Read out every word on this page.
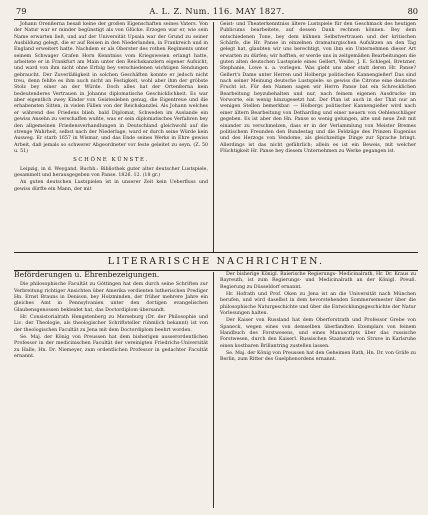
79	A. L. Z. Num. 116. MAY 1827.	80

Johann Orenßerna besaß keine der großen Eigenschaften seines Vaters. Von der Natur war er minder begünstigt als von Glücke. Erzogen war er, wie sein Name erwarten ließ, und auf der Universität Upsala war der Grund zu seiner Ausbildung gelegt, die er auf Reisen in den Niederlanden, in Frankreich und in England erweitert hatte. Nachdem er als Oberster des rothen Regiments unter seinem Schwager Grafen Horn Kenntniss vom Kriegswesen erlangt hatte, arbeitete er in Frankfurt am Main unter den Reichskanzlern eigener Aufsicht, und ward von ihm nicht ohne Erfolg bey verschiedenen wichtigen Sendungen gebraucht. Der Zuverläßigkeit in solchen Geschäften konnte er jedoch nicht treu, denn fehlte es ihm auch nicht an Festigkeit, wohl aber ihm der gröbste Stolz bey einer an der Würde. Doch alles hat der Ortenßerna kein bedeutenderes Vertrauen in Johanns diplomatische Geschicklichkeit. Es war aber eigentlich zwey Kinder von Geistesleben genug, die Eigentreue und die erhabensten Sitten, in vielen Fällen von der Reichskanzlei. Als Johann welches er während des Friedens blieb, bald Diplomat, Schweden im Auslande ein gewiss Ansehn zu verschaffen wußte, was er sein diplomatisches Verfahren bey den allgemeinen Friedensverhandlungen in Deutschland gleichwohl auf die strenge Wahrheit, selbst nach der Niederlage, ward er durch seine Würde kein Ausweg. Er starb 1657 in Wismar, und das Ende seines Werks in Ehre gewiss Arbeit, daß jemals so schwerer Abgeordneter vor feste geleitet zu seyn. (Z. 50 u. 51)

SCHÖNE KÜNSTE.

Leipzig, in d. Weygand. Buchh.: Bibliothek guter alter deutscher Lustspiele, gesammelt und herausgegeben von Panse. 1826. 12. (18 gr.)

An guten deutschen Lustspielen ist in unserer Zeit kein Ueberfluss und gewiss dürfte ein Mann, der mit

Geist- und Theaterkenntniss ältere Lustspiele für den Geschmack des heutigen Publicums bearbeitete, auf dessen Dank rechnen können. Bey dem entschiedenen Tone, bey dem kühnen Selbstvertrauen und der kritischen Schärfe, die Hr. Panse in einzelnen dramaturgischen Aufsätzen an den Tag gelegt hat, glaubten wir uns berechtigt, von ihm ein Unternehmen dieser Art erwarten zu dürfen; wir hofften, er werde uns in zeitgemäßen Bearbeitungen die guten alten deutschen Lustspiele eines Gellert, Weiße, J. E. Schlegel, Bretzner, Stephanie, Lowe u. a. vorlegen. Was giebt uns aber statt deren Hr. Panse? Gellert's Dame unter Herren und Holbergs politischen Kannengießer! Das sind nach seiner Meinung deutsche Lustspiele: so gewiss die Citrone eine deutsche Frucht ist. Für den Namen sagen wir Herrn Panse bat ein Schrecklichen Bearbeitung beyzubehalten und nur, nach feinem eigenen Ausdrucke im Vorworte, ein wenig hinzugesetzt hat. Der Plan ist auch in der That nur an wenigen Stellen bemerkbar. — Holbergs politischer Kannengießer wird nach einer ältern Bearbeitung von Detharding und einer neuern von Oehlenschläger gegeben. Es ist aber den Hn. Panse so wenig gelungen, alte und neue Zeit mit einander zu verschmelzen, dass er in der Verlammlung von Meister Bremes politischem Freunden den Bundestag und die Feldzüge des Prinzen Eugenius und des Herzogs von Vendome, als gleichzeitige Dinge zur Sprache bringt. Allerdings ist das nicht gefährlich; allein es ist ein Beweis, mit welcher Flüchtigkeit Hr. Panse bey diesem Unternehmen zu Werke gegangen ist.

LITERARISCHE NACHRICHTEN.

Beförderungen u. Ehrenbezeigungen.

Die philosophische Facultät zu Göttingen hat dem durch seine Schriften zur Verbreitung richtiger Ansichten über Amerika verdienten lutherischen Prediger Hn. Ernst Brauns in Denison, bey Holzminden, der früher mehrere Jahre ein gleiches Amt in Pennsylvanien unter den dortigen evangelischen Glaubensgenossen bekleidet hat, das Doctordiplom übersandt.

Hr. Consistorialrath Hengstenberg zu Merseburg (Dr. der Philosophie und Lic. der Theologie, als theologischer Schriftsteller rühmlich bekannt) ist von der theologischen Facultät zu Jena mit dem Doctordiplom beehrt worden.

Se. Maj. der König von Preussen hat dem bisherigen ausserordentlichen Professor in der medicinischen Facultät der vereinigten Friedrichs-Universität zu Halle, Hn. Dr. Niemeyer, zum ordentlichen Professor in gedachter Facultät ernannt.

Der bisherige Königl. Baierische Regierungs- Medicinalrath, Hr. Dr. Kraus zu Bayreuth, ist zum Regierungs- und Medicinalrath an der Königl. Preuß. Regierung zu Düsseldorf ernannt.

Hr. Hofrath und Prof. Oken zu Jena ist an die Universität nach München berufen, und wird daselbst in dem bevorstehenden Sommersemester über die philosophische Naturgeschichte und über die Entwicklungsgeschichte der Natur Vorlesungen halten.

Der Kaiser von Russland hat dem Oberforstrath und Professor Grebe von Spaneck, wegen eines von demselben überfandten Exemplars von feinem Handbuch des Forstwesens, und eines Manuscripts über das russische Forstwesen, durch den Kaiserl. Russischen Staatsrath von Struve in Karlsruhe einen kostbaren Brillantring zustellen lassen.

Se. Maj. der König von Preussen hat den Geheimen Rath, Hn. Dr. von Gräfe zu Berlin, zum Ritter des Guelphenordens ernannt.
